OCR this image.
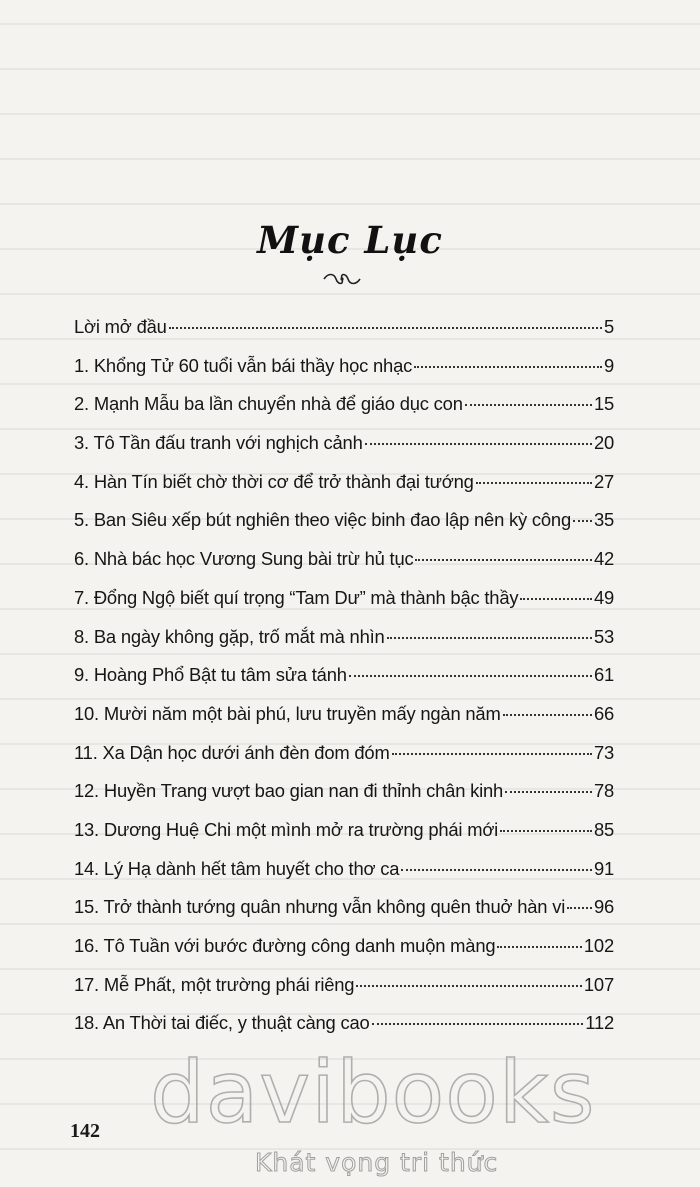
Mục Lục
Lời mở đầu	5
1. Khổng Tử 60 tuổi vẫn bái thầy học nhạc	9
2. Mạnh Mẫu ba lần chuyển nhà để giáo dục con	15
3. Tô Tần đấu tranh với nghịch cảnh	20
4. Hàn Tín biết chờ thời cơ để trở thành đại tướng	27
5. Ban Siêu xếp bút nghiên theo việc binh đao lập nên kỳ công 35
6. Nhà bác học Vương Sung bài trừ hủ tục	42
7. Đổng Ngộ biết quí trọng “Tam Dư” mà thành bậc thầy	49
8. Ba ngày không gặp, trố mắt mà nhìn	53
9. Hoàng Phổ Bật tu tâm sửa tánh	61
10. Mười năm một bài phú, lưu truyền mấy ngàn năm	66
11. Xa Dận học dưới ánh đèn đom đóm	73
12. Huyền Trang vượt bao gian nan đi thỉnh chân kinh	78
13. Dương Huệ Chi một mình mở ra trường phái mới	85
14. Lý Hạ dành hết tâm huyết cho thơ ca	91
15. Trở thành tướng quân nhưng vẫn không quên thuở hàn vi 96
16. Tô Tuần với bước đường công danh muộn màng	102
17. Mễ Phất, một trường phái riêng	107
18. An Thời tai điếc, y thuật càng cao	112
142 davibooks
Khát vọng tri thức
